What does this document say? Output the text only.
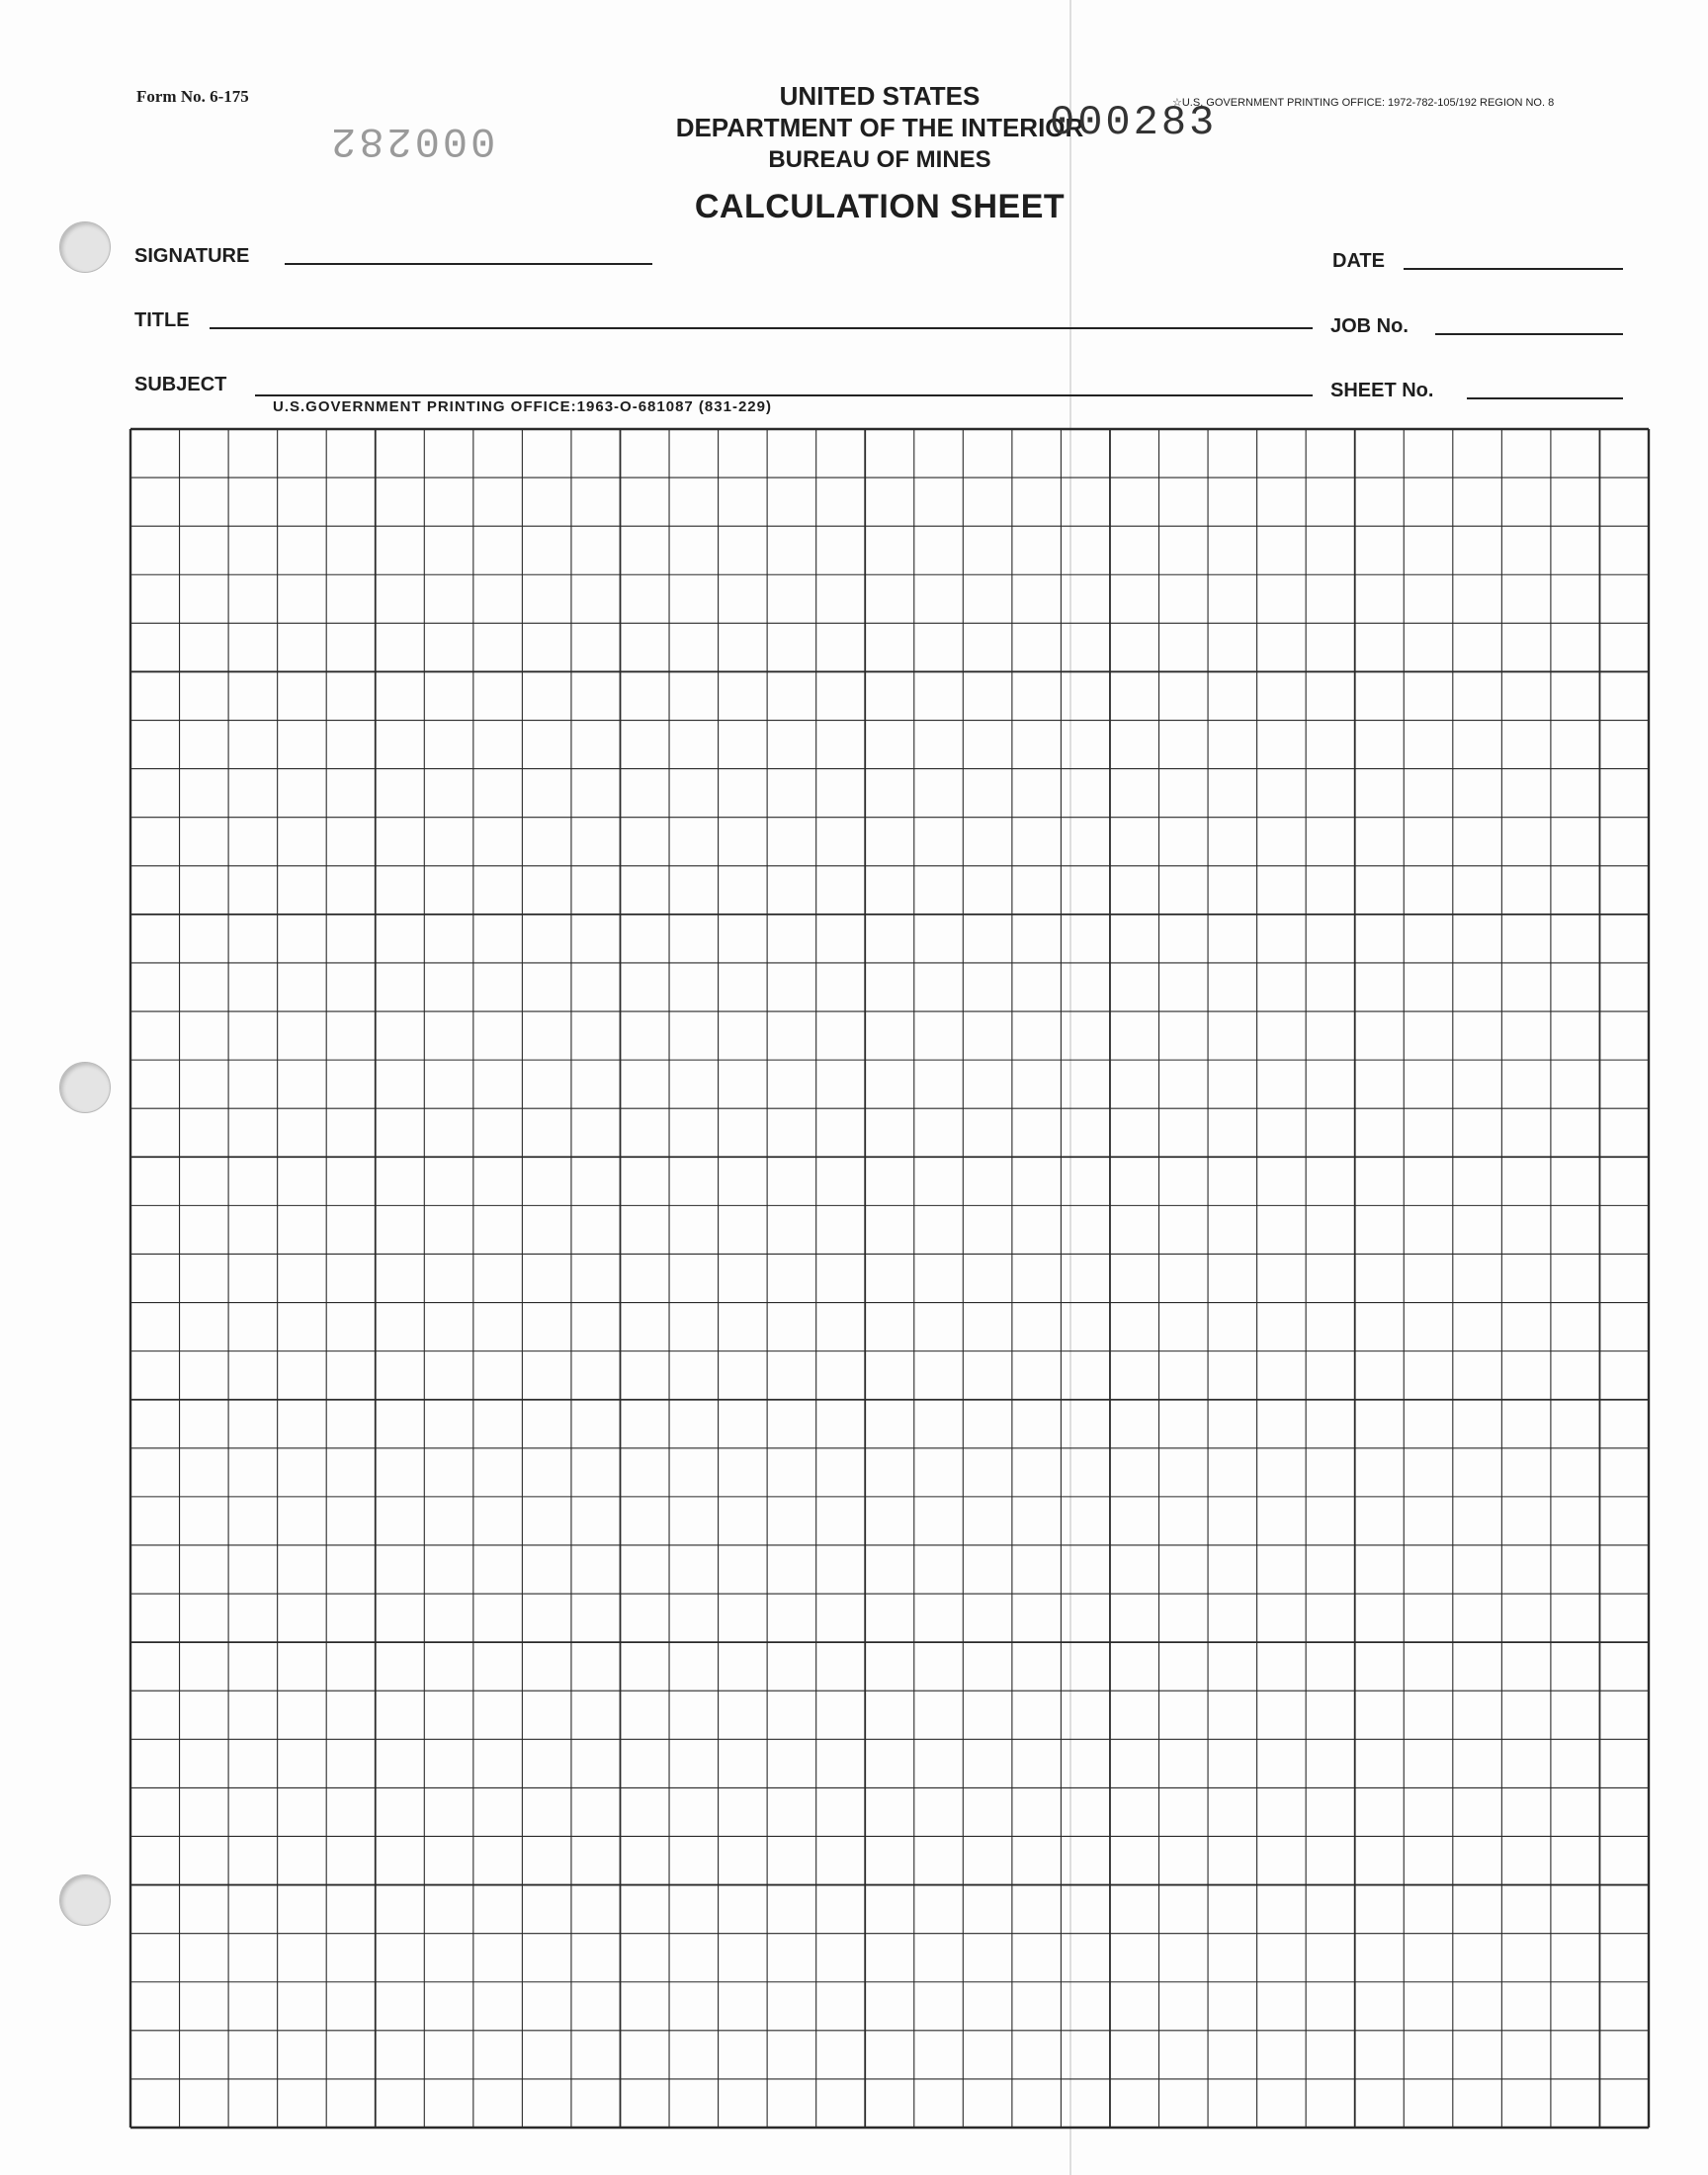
Form No. 6-175
000282
☆U.S. GOVERNMENT PRINTING OFFICE: 1972-782-105/192 REGION NO. 8
UNITED STATES
DEPARTMENT OF THE INTERIOR
BUREAU OF MINES
CALCULATION SHEET
000283
SIGNATURE	DATE
TITLE	JOB No.
SUBJECT	SHEET No.
U.S.GOVERNMENT PRINTING OFFICE:1963-O-681087 (831-229)
